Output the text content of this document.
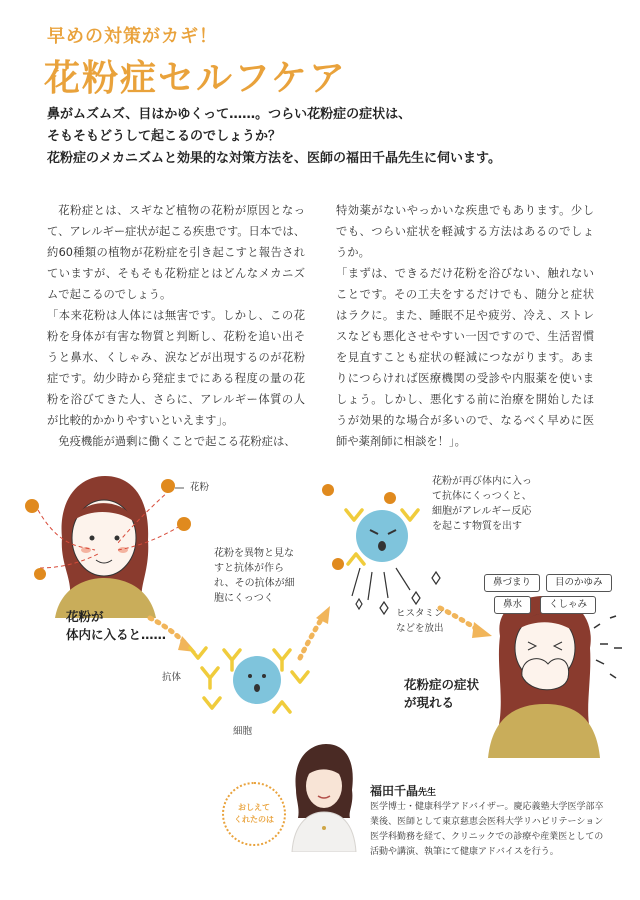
早めの対策がカギ！
花粉症セルフケア
鼻がムズムズ、目はかゆくって……。つらい花粉症の症状は、
そもそもどうして起こるのでしょうか？
花粉症のメカニズムと効果的な対策方法を、医師の福田千晶先生に伺います。

花粉症とは、スギなど植物の花粉が原因となって、アレルギー症状が起こる疾患です。日本では、約60種類の植物が花粉症を引き起こすと報告されていますが、そもそも花粉症とはどんなメカニズムで起こるのでしょう。

「本来花粉は人体には無害です。しかし、この花粉を身体が有害な物質と判断し、花粉を追い出そうと鼻水、くしゃみ、涙などが出現するのが花粉症です。幼少時から発症までにある程度の量の花粉を浴びてきた人、さらに、アレルギー体質の人が比較的かかりやすいといえます」。

免疫機能が過剰に働くことで起こる花粉症は、

特効薬がないやっかいな疾患でもあります。少しでも、つらい症状を軽減する方法はあるのでしょうか。

「まずは、できるだけ花粉を浴びない、触れないことです。その工夫をするだけでも、随分と症状はラクに。また、睡眠不足や疲労、冷え、ストレスなども悪化させやすい一因ですので、生活習慣を見直すことも症状の軽減につながります。あまりにつらければ医療機関の受診や内服薬を使いましょう。しかし、悪化する前に治療を開始したほうが効果的な場合が多いので、なるべく早めに医師や薬剤師に相談を！」。

花粉
花粉が
体内に入ると……
花粉を異物と見な
すと抗体が作ら
れ、その抗体が細
胞にくっつく
抗体
細胞
花粉が再び体内に入っ
て抗体にくっつくと、
細胞がアレルギー反応
を起こす物質を出す
ヒスタミン
などを放出
花粉症の症状
が現れる
鼻づまり	目のかゆみ
鼻水	くしゃみ
おしえて
くれたのは
福田千晶先生
医学博士・健康科学アドバイザー。慶応義塾大学医学部卒業後、医師として東京慈恵会医科大学リハビリテーション医学科勤務を経て、クリニックでの診療や産業医としての活動や講演、執筆にて健康アドバイスを行う。
